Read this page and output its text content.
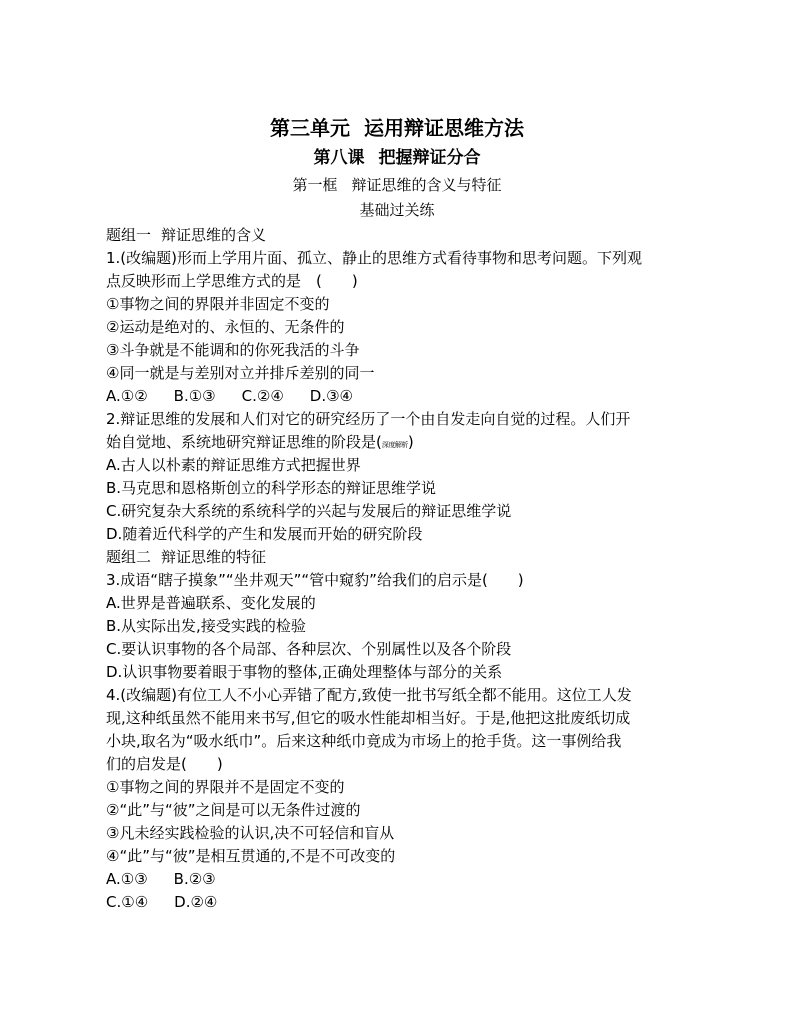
第三单元 运用辩证思维方法
第八课 把握辩证分合
第一框 辩证思维的含义与特征
基础过关练
题组一 辩证思维的含义
1.(改编题)形而上学用片面、孤立、静止的思维方式看待事物和思考问题。下列观
点反映形而上学思维方式的是　(　　)
①事物之间的界限并非固定不变的
②运动是绝对的、永恒的、无条件的
③斗争就是不能调和的你死我活的斗争
④同一就是与差别对立并排斥差别的同一
A.①② B.①③ C.②④ D.③④
2.辩证思维的发展和人们对它的研究经历了一个由自发走向自觉的过程。人们开
始自觉地、系统地研究辩证思维的阶段是(深度解析)
A.古人以朴素的辩证思维方式把握世界
B.马克思和恩格斯创立的科学形态的辩证思维学说
C.研究复杂大系统的系统科学的兴起与发展后的辩证思维学说
D.随着近代科学的产生和发展而开始的研究阶段
题组二 辩证思维的特征
3.成语“瞎子摸象”“坐井观天”“管中窥豹”给我们的启示是(　　)
A.世界是普遍联系、变化发展的
B.从实际出发,接受实践的检验
C.要认识事物的各个局部、各种层次、个别属性以及各个阶段
D.认识事物要着眼于事物的整体,正确处理整体与部分的关系
4.(改编题)有位工人不小心弄错了配方,致使一批书写纸全都不能用。这位工人发
现,这种纸虽然不能用来书写,但它的吸水性能却相当好。于是,他把这批废纸切成
小块,取名为“吸水纸巾”。后来这种纸巾竟成为市场上的抢手货。这一事例给我
们的启发是(　　)
①事物之间的界限并不是固定不变的
②“此”与“彼”之间是可以无条件过渡的
③凡未经实践检验的认识,决不可轻信和盲从
④“此”与“彼”是相互贯通的,不是不可改变的
A.①③ B.②③
C.①④ D.②④
